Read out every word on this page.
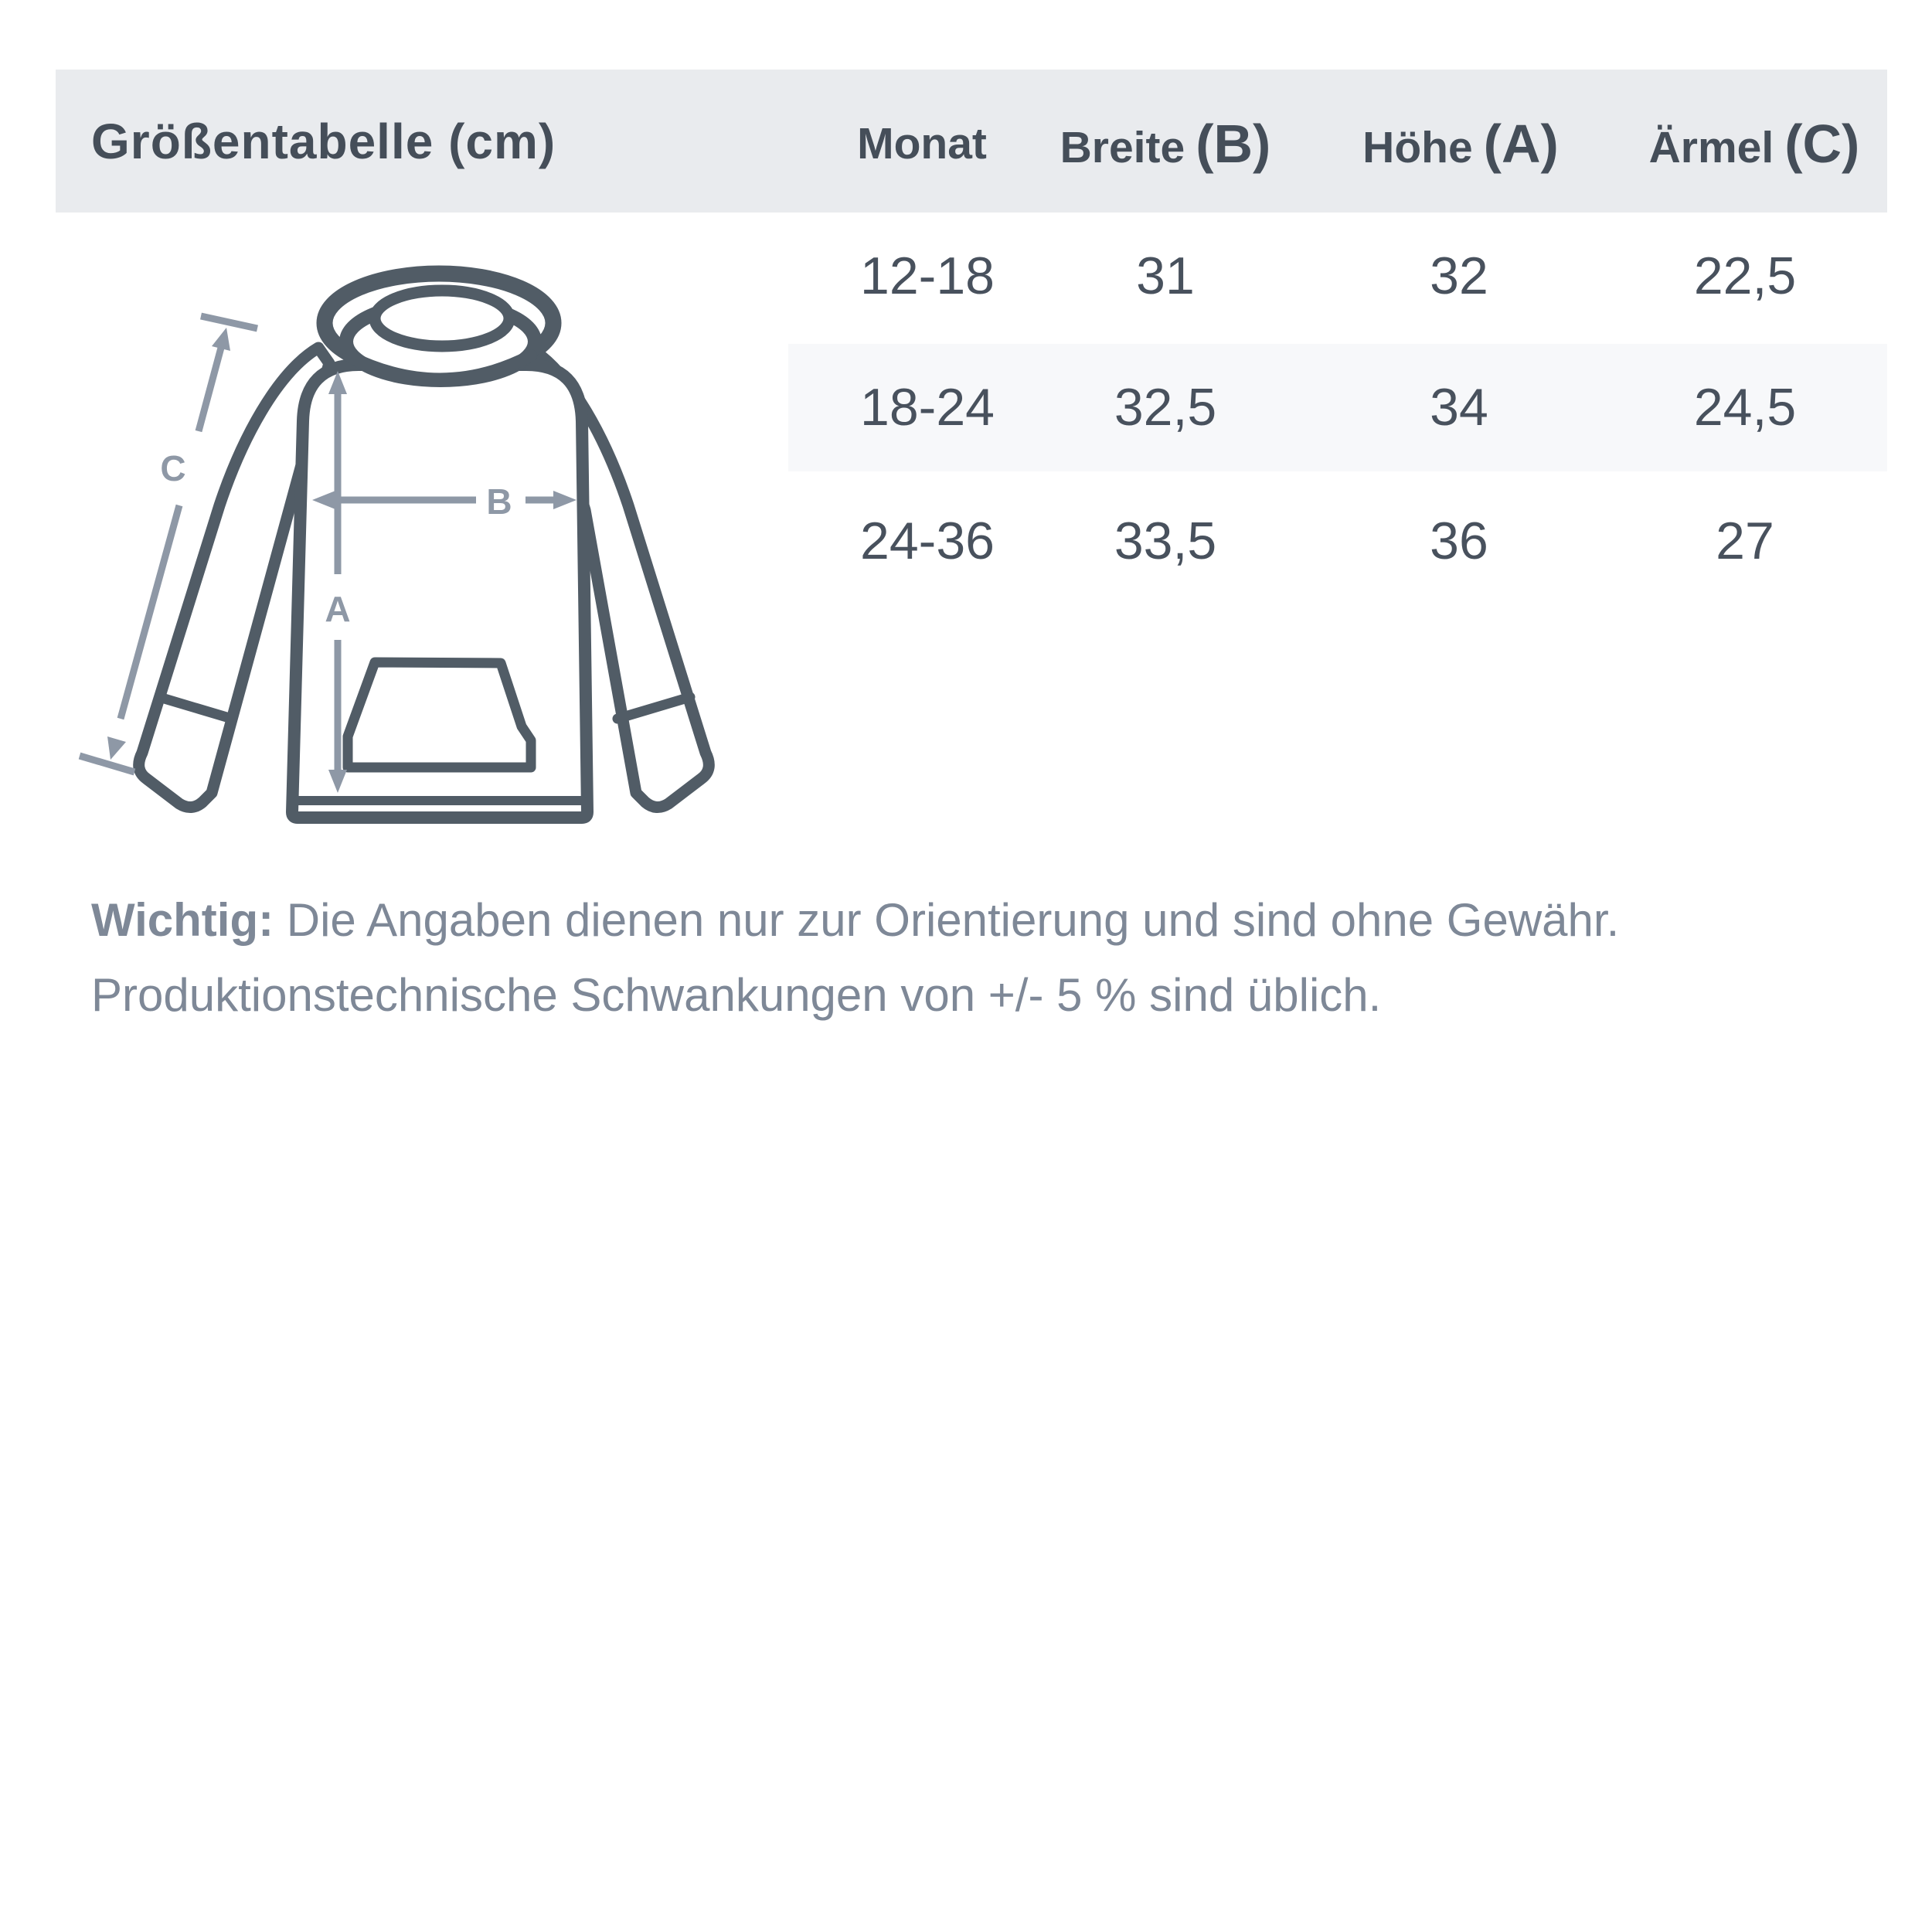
Größentabelle (cm)	Monat Breite (B) Höhe (A) Ärmel (C)
12-18	31	32	22,5
18-24 32,5	34	24,5
24-36 33,5	36	27
A
B
C
Wichtig: Die Angaben dienen nur zur Orientierung und sind ohne Gewähr.
Produktionstechnische Schwankungen von +/- 5 % sind üblich.
